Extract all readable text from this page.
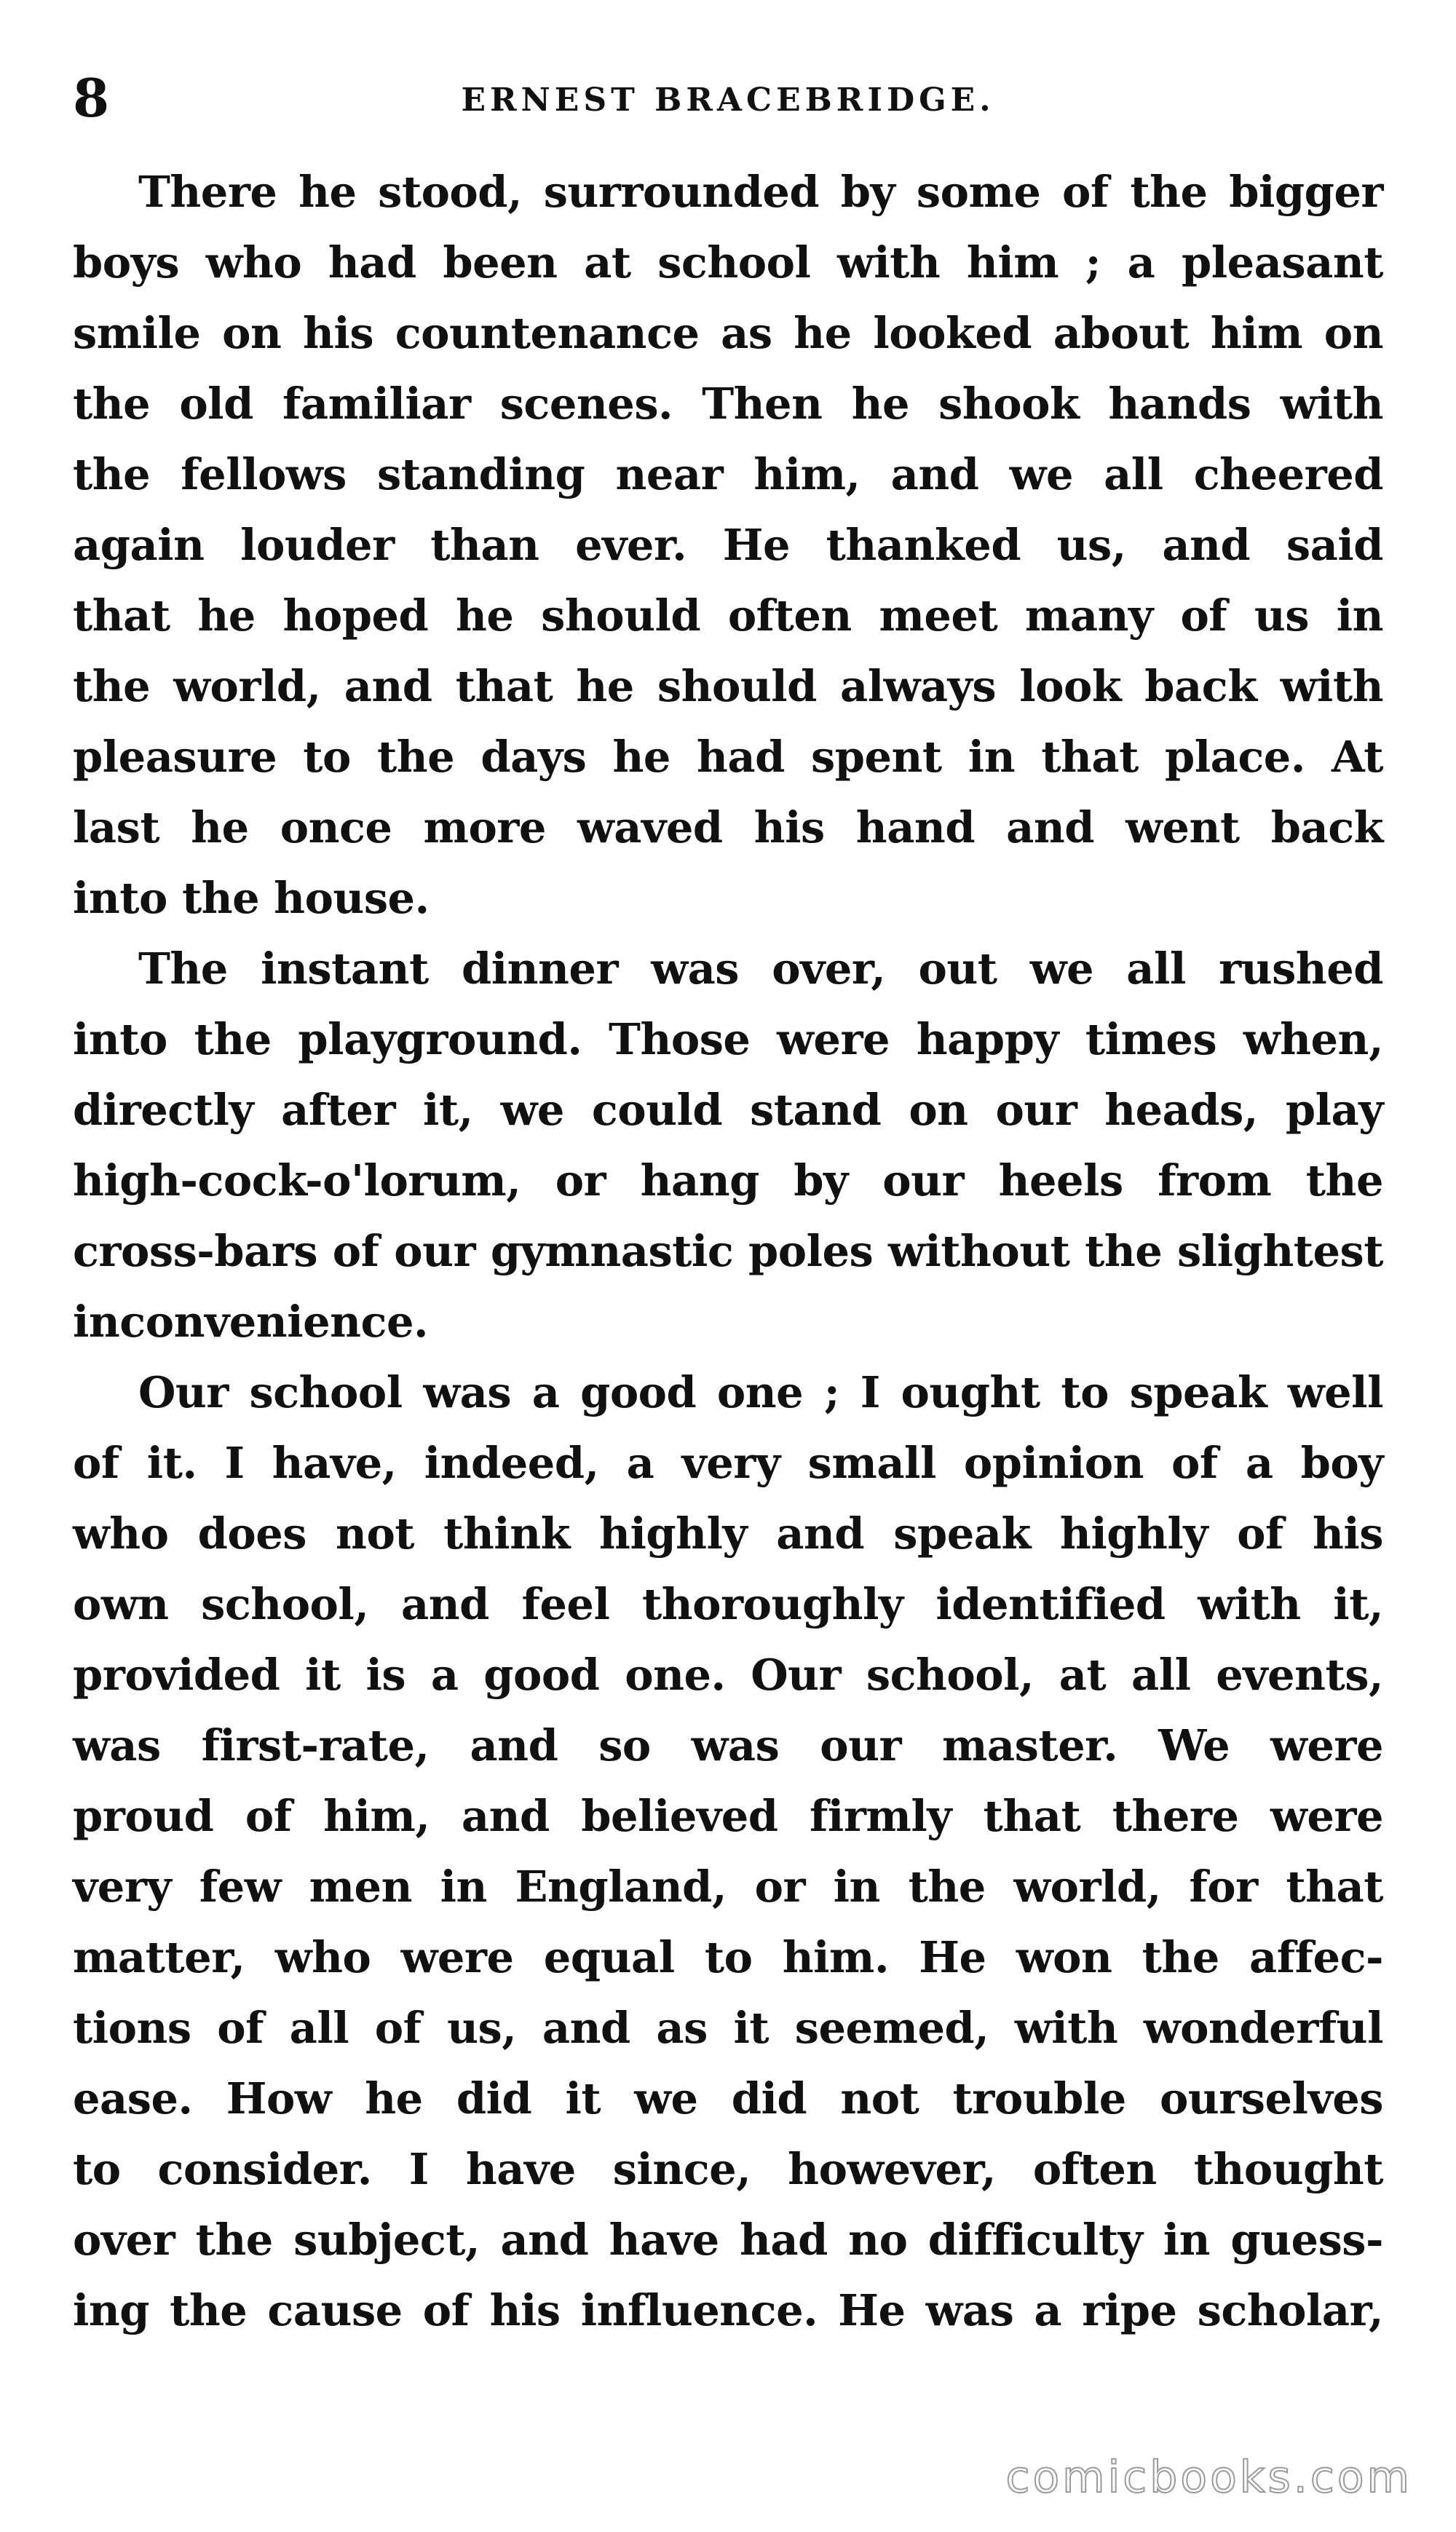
8	ERNEST BRACEBRIDGE.

There he stood, surrounded by some of the bigger
boys who had been at school with him ; a pleasant
smile on his countenance as he looked about him on
the old familiar scenes. Then he shook hands with
the fellows standing near him, and we all cheered
again louder than ever. He thanked us, and said
that he hoped he should often meet many of us in
the world, and that he should always look back with
pleasure to the days he had spent in that place. At
last he once more waved his hand and went back
into the house.

The instant dinner was over, out we all rushed
into the playground. Those were happy times when,
directly after it, we could stand on our heads, play
high-cock-o'lorum, or hang by our heels from the
cross-bars of our gymnastic poles without the slightest
inconvenience.

Our school was a good one ; I ought to speak well
of it. I have, indeed, a very small opinion of a boy
who does not think highly and speak highly of his
own school, and feel thoroughly identified with it,
provided it is a good one. Our school, at all events,
was first-rate, and so was our master. We were
proud of him, and believed firmly that there were
very few men in England, or in the world, for that
matter, who were equal to him. He won the affec-
tions of all of us, and as it seemed, with wonderful
ease. How he did it we did not trouble ourselves
to consider. I have since, however, often thought
over the subject, and have had no difficulty in guess-
ing the cause of his influence. He was a ripe scholar,

comicbooks.com
